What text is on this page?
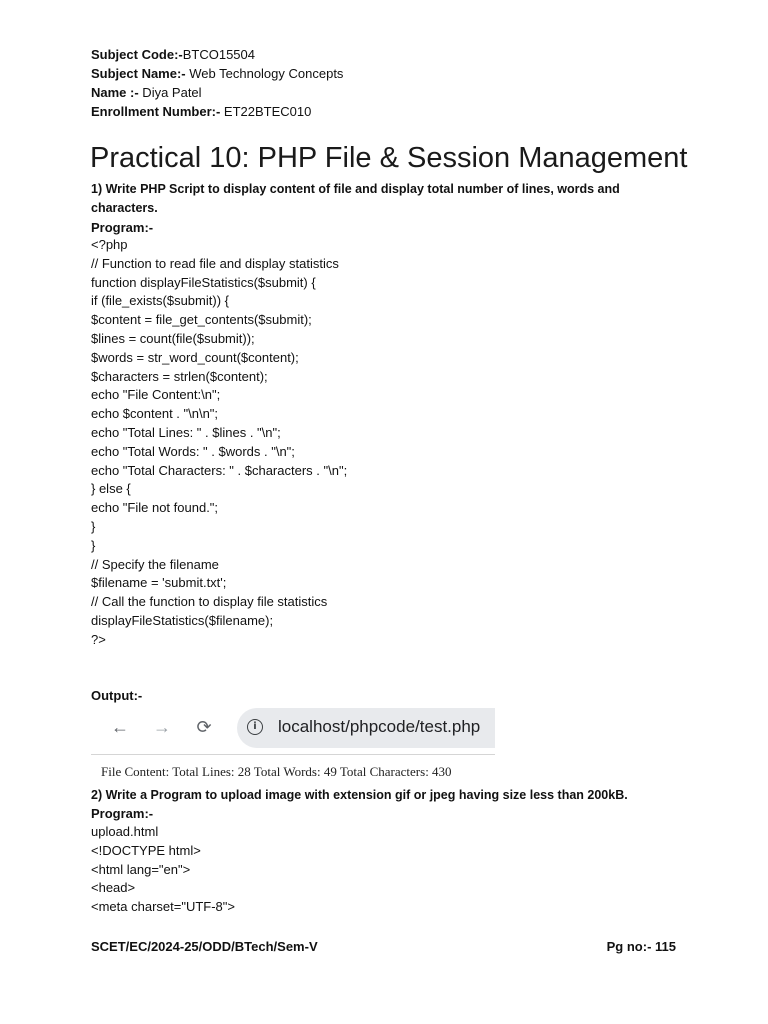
Subject Code:-BTCO15504
Subject Name:- Web Technology Concepts
Name :- Diya Patel
Enrollment Number:- ET22BTEC010
Practical 10: PHP File & Session Management
1) Write PHP Script to display content of file and display total number of lines, words and characters.
Program:-
<?php
// Function to read file and display statistics
function displayFileStatistics($submit) {
if (file_exists($submit)) {
$content = file_get_contents($submit);
$lines = count(file($submit));
$words = str_word_count($content);
$characters = strlen($content);
echo "File Content:\n";
echo $content . "\n\n";
echo "Total Lines: " . $lines . "\n";
echo "Total Words: " . $words . "\n";
echo "Total Characters: " . $characters . "\n";
} else {
echo "File not found.";
}
}
// Specify the filename
$filename = 'submit.txt';
// Call the function to display file statistics
displayFileStatistics($filename);
?>
Output:-
← → ⟳	i	localhost/phpcode/test.php
File Content: Total Lines: 28 Total Words: 49 Total Characters: 430
2) Write a Program to upload image with extension gif or jpeg having size less than 200kB.
Program:-
upload.html
<!DOCTYPE html>
<html lang="en">
<head>
<meta charset="UTF-8">
SCET/EC/2024-25/ODD/BTech/Sem-V	Pg no:- 115
